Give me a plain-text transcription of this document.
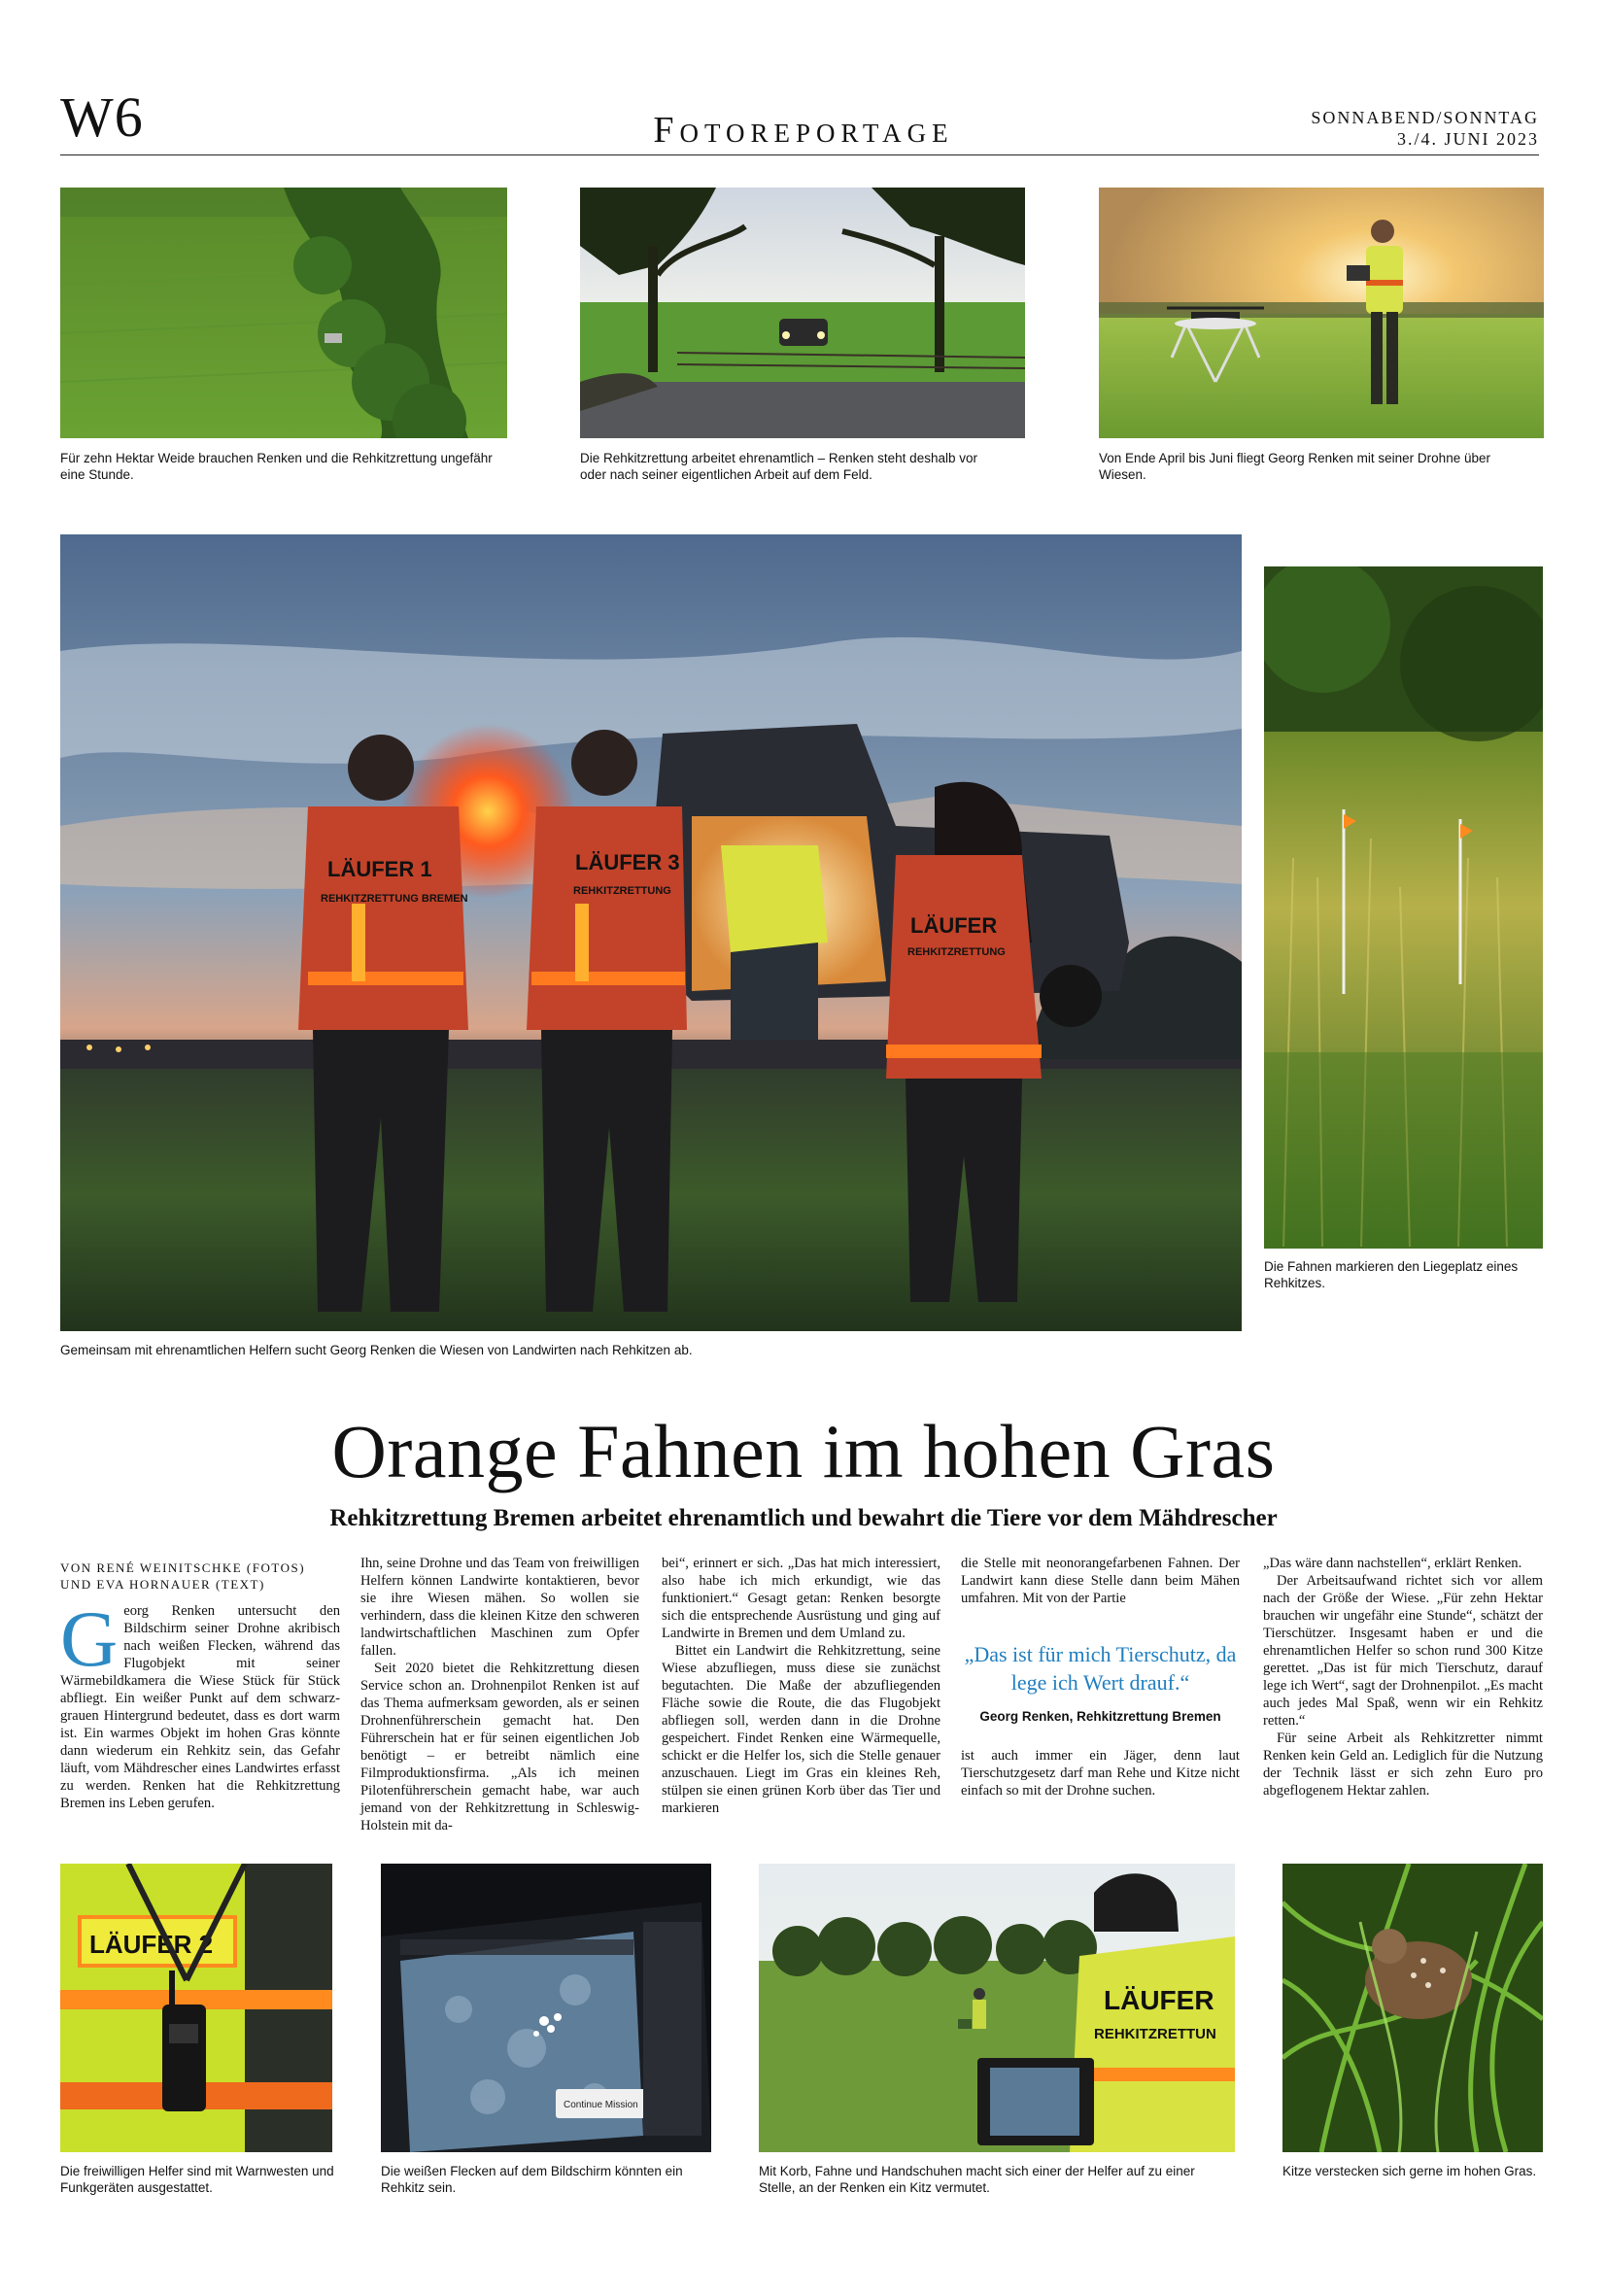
W6	Fotoreportage	SONNABEND/SONNTAG
3./4. JUNI 2023
Für zehn Hektar Weide brauchen Renken und die Rehkitzrettung ungefähr eine Stunde.
Die Rehkitzrettung arbeitet ehrenamtlich – Renken steht deshalb vor oder nach seiner eigentlichen Arbeit auf dem Feld.
Von Ende April bis Juni fliegt Georg Renken mit seiner Drohne über Wiesen.
LÄUFER 1
REHKITZRETTUNG BREMEN
LÄUFER 3
REHKITZRETTUNG
LÄUFER
REHKITZRETTUNG
Gemeinsam mit ehrenamtlichen Helfern sucht Georg Renken die Wiesen von Landwirten nach Rehkitzen ab.
Die Fahnen markieren den Liegeplatz eines Rehkitzes.
Orange Fahnen im hohen Gras
Rehkitzrettung Bremen arbeitet ehrenamtlich und bewahrt die Tiere vor dem Mähdrescher
VON RENÉ WEINITSCHKE (FOTOS)
UND EVA HORNAUER (TEXT)

Georg Renken untersucht den Bildschirm seiner Drohne akribisch nach weißen Flecken, während das Flugobjekt mit seiner Wärmebildkamera die Wiese Stück für Stück abfliegt. Ein weißer Punkt auf dem schwarz-grauen Hintergrund bedeutet, dass es dort warm ist. Ein warmes Objekt im hohen Gras könnte dann wiederum ein Rehkitz sein, das Gefahr läuft, vom Mähdrescher eines Landwirtes erfasst zu werden. Renken hat die Rehkitzrettung Bremen ins Leben gerufen.

Ihn, seine Drohne und das Team von freiwilligen Helfern können Landwirte kontaktieren, bevor sie ihre Wiesen mähen. So wollen sie verhindern, dass die kleinen Kitze den schweren landwirtschaftlichen Maschinen zum Opfer fallen.

Seit 2020 bietet die Rehkitzrettung diesen Service schon an. Drohnenpilot Renken ist auf das Thema aufmerksam geworden, als er seinen Drohnenführerschein gemacht hat. Den Führerschein hat er für seinen eigentlichen Job benötigt – er betreibt nämlich eine Filmproduktionsfirma. „Als ich meinen Pilotenführerschein gemacht habe, war auch jemand von der Rehkitzrettung in Schleswig-Holstein mit da-

bei“, erinnert er sich. „Das hat mich interessiert, also habe ich mich erkundigt, wie das funktioniert.“ Gesagt getan: Renken besorgte sich die entsprechende Ausrüstung und ging auf Landwirte in Bremen und dem Umland zu.

Bittet ein Landwirt die Rehkitzrettung, seine Wiese abzufliegen, muss diese sie zunächst begutachten. Die Maße der abzufliegenden Fläche sowie die Route, die das Flugobjekt abfliegen soll, werden dann in die Drohne gespeichert. Findet Renken eine Wärmequelle, schickt er die Helfer los, sich die Stelle genauer anzuschauen. Liegt im Gras ein kleines Reh, stülpen sie einen grünen Korb über das Tier und markieren

die Stelle mit neonorangefarbenen Fahnen. Der Landwirt kann diese Stelle dann beim Mähen umfahren. Mit von der Partie

„Das ist für mich Tierschutz, da lege ich Wert drauf.“
Georg Renken, Rehkitzrettung Bremen

ist auch immer ein Jäger, denn laut Tierschutzgesetz darf man Rehe und Kitze nicht einfach so mit der Drohne suchen.

„Das wäre dann nachstellen“, erklärt Renken.

Der Arbeitsaufwand richtet sich vor allem nach der Größe der Wiese. „Für zehn Hektar brauchen wir ungefähr eine Stunde“, schätzt der Tierschützer. Insgesamt haben er und die ehrenamtlichen Helfer so schon rund 300 Kitze gerettet. „Das ist für mich Tierschutz, darauf lege ich Wert“, sagt der Drohnenpilot. „Es macht auch jedes Mal Spaß, wenn wir ein Rehkitz retten.“

Für seine Arbeit als Rehkitzretter nimmt Renken kein Geld an. Lediglich für die Nutzung der Technik lässt er sich zehn Euro pro abgeflogenem Hektar zahlen.

LÄUFER 2
Die freiwilligen Helfer sind mit Warnwesten und Funkgeräten ausgestattet.
Continue Mission
Die weißen Flecken auf dem Bildschirm könnten ein Rehkitz sein.
LÄUFER
REHKITZRETTUN
Mit Korb, Fahne und Handschuhen macht sich einer der Helfer auf zu einer Stelle, an der Renken ein Kitz vermutet.
Kitze verstecken sich gerne im hohen Gras.
